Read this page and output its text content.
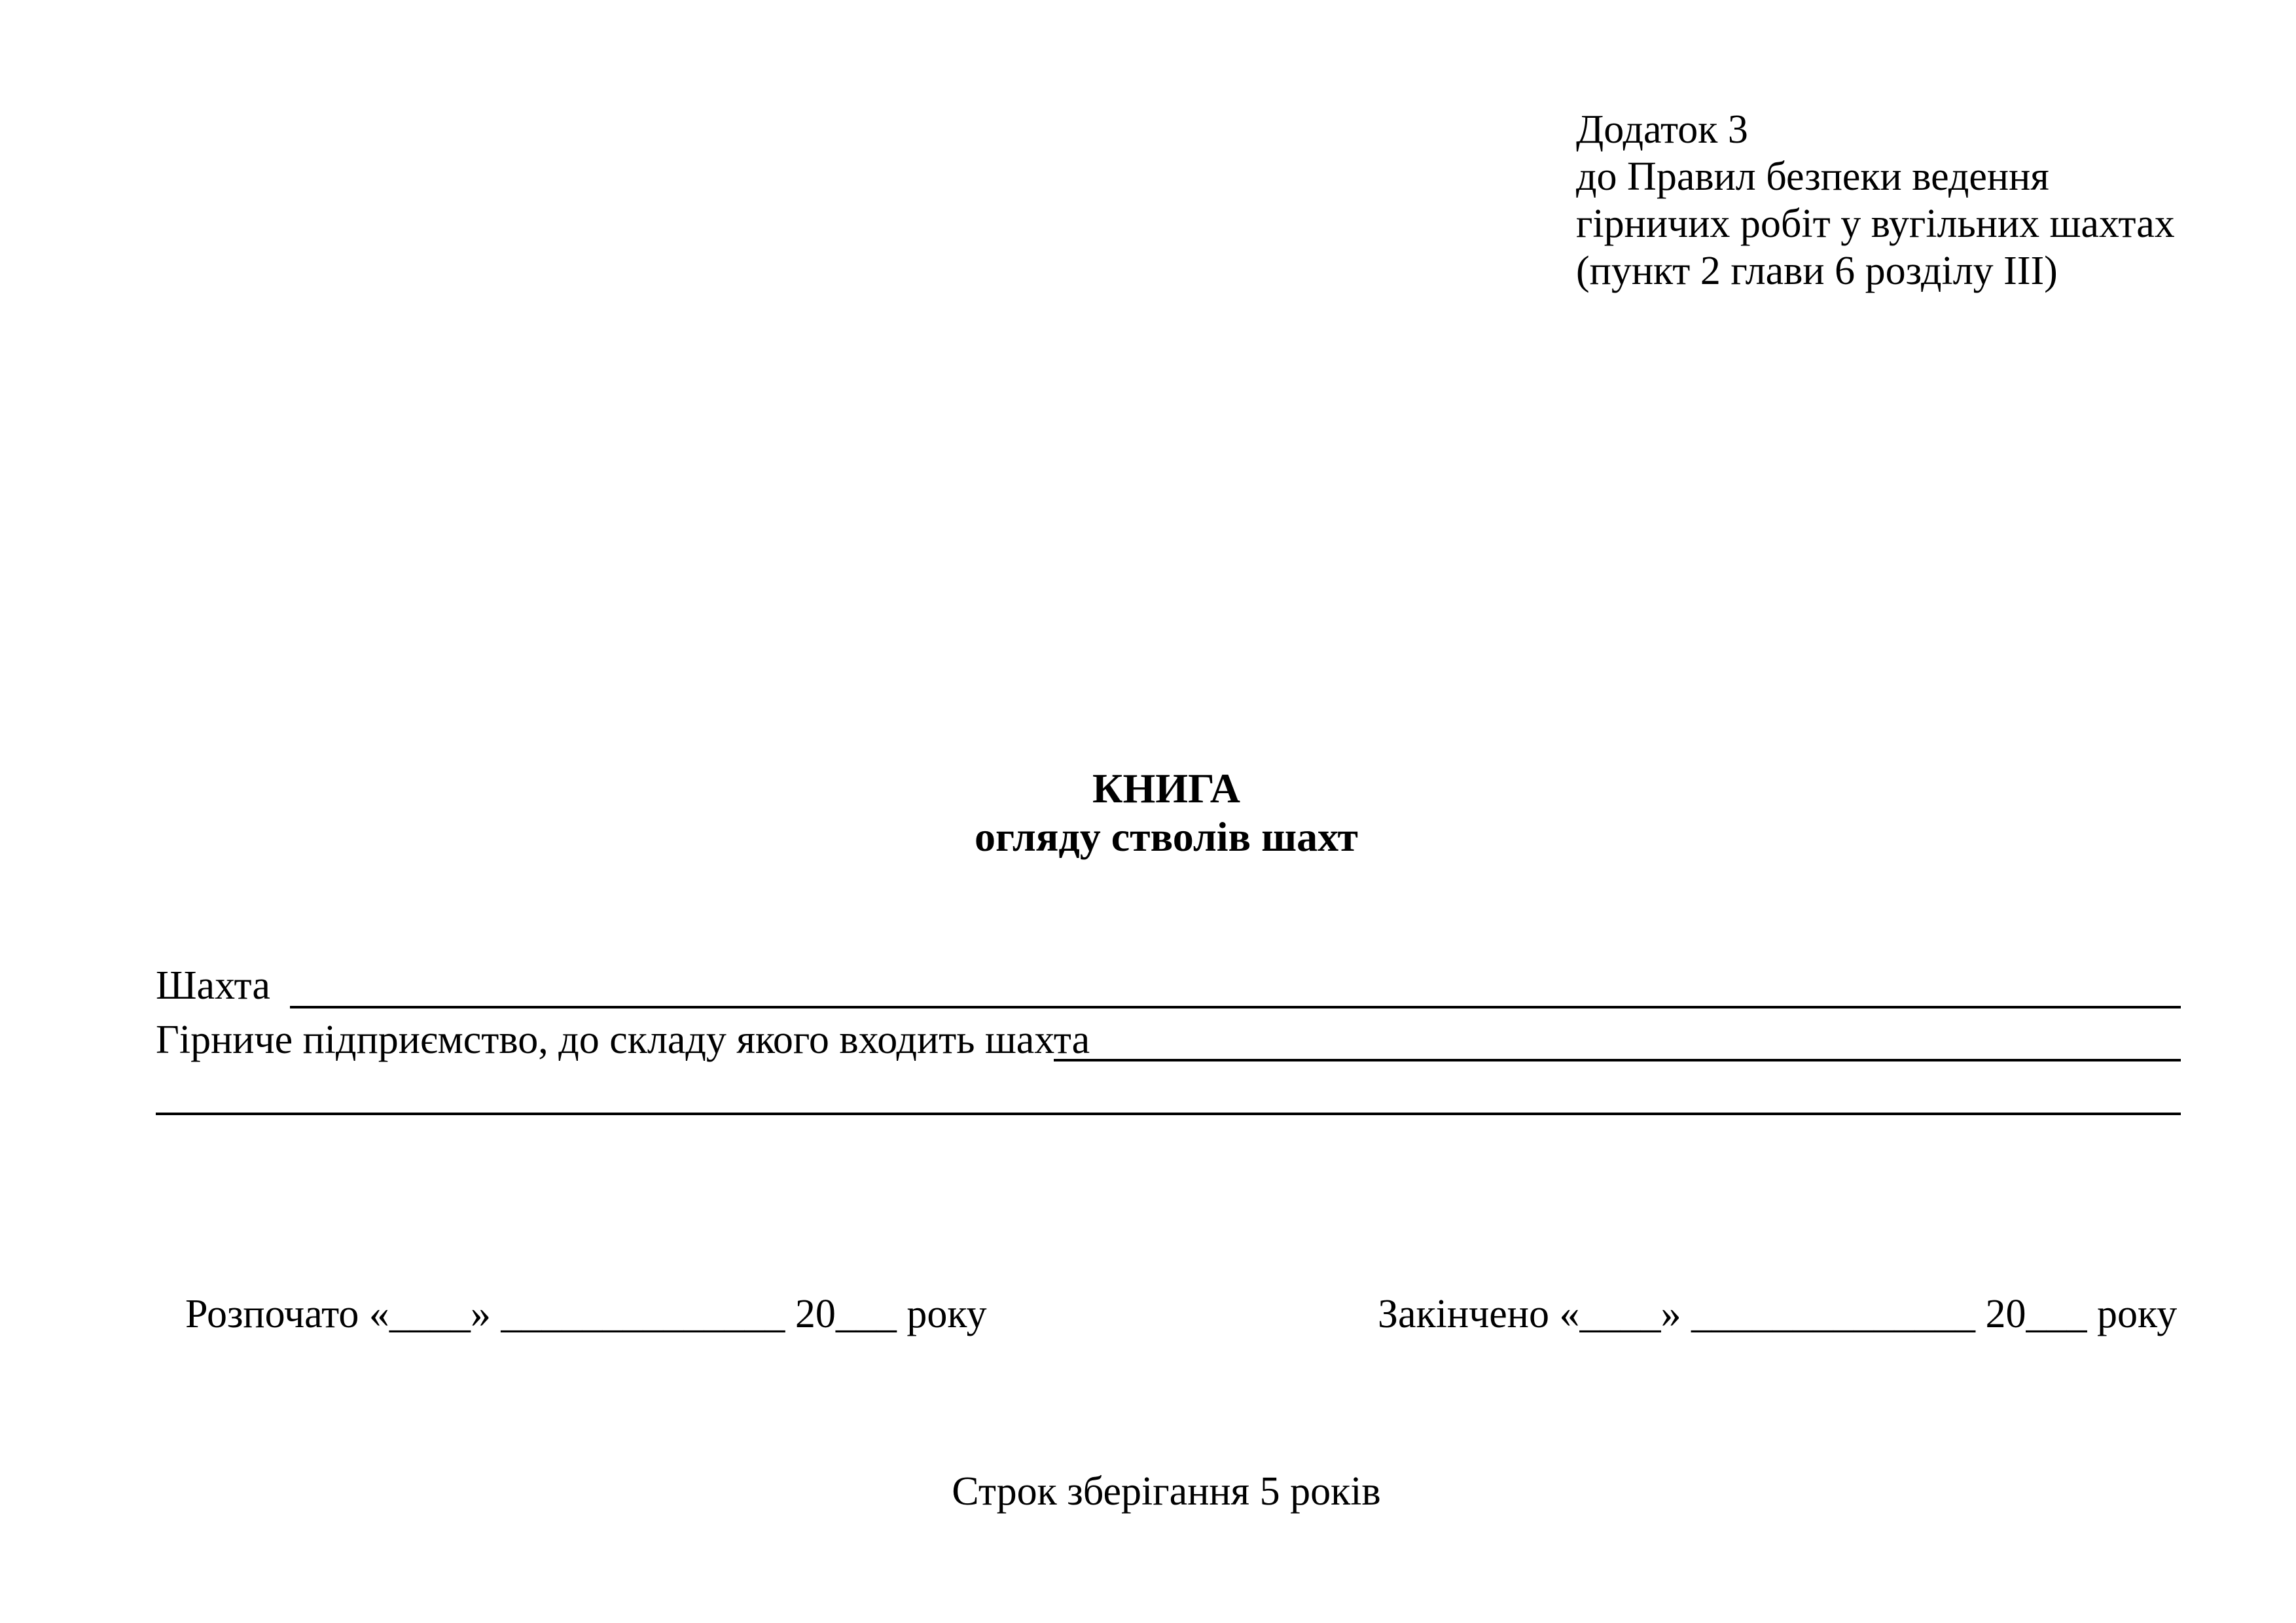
Додаток 3
до Правил безпеки ведення
гірничих робіт у вугільних шахтах
(пункт 2 глави 6 розділу III)
КНИГА
огляду стволів шахт
Шахта
Гірниче підприємство, до складу якого входить шахта
Розпочато «____» ______________ 20___ року	Закінчено «____» ______________ 20___ року
Строк зберігання 5 років
